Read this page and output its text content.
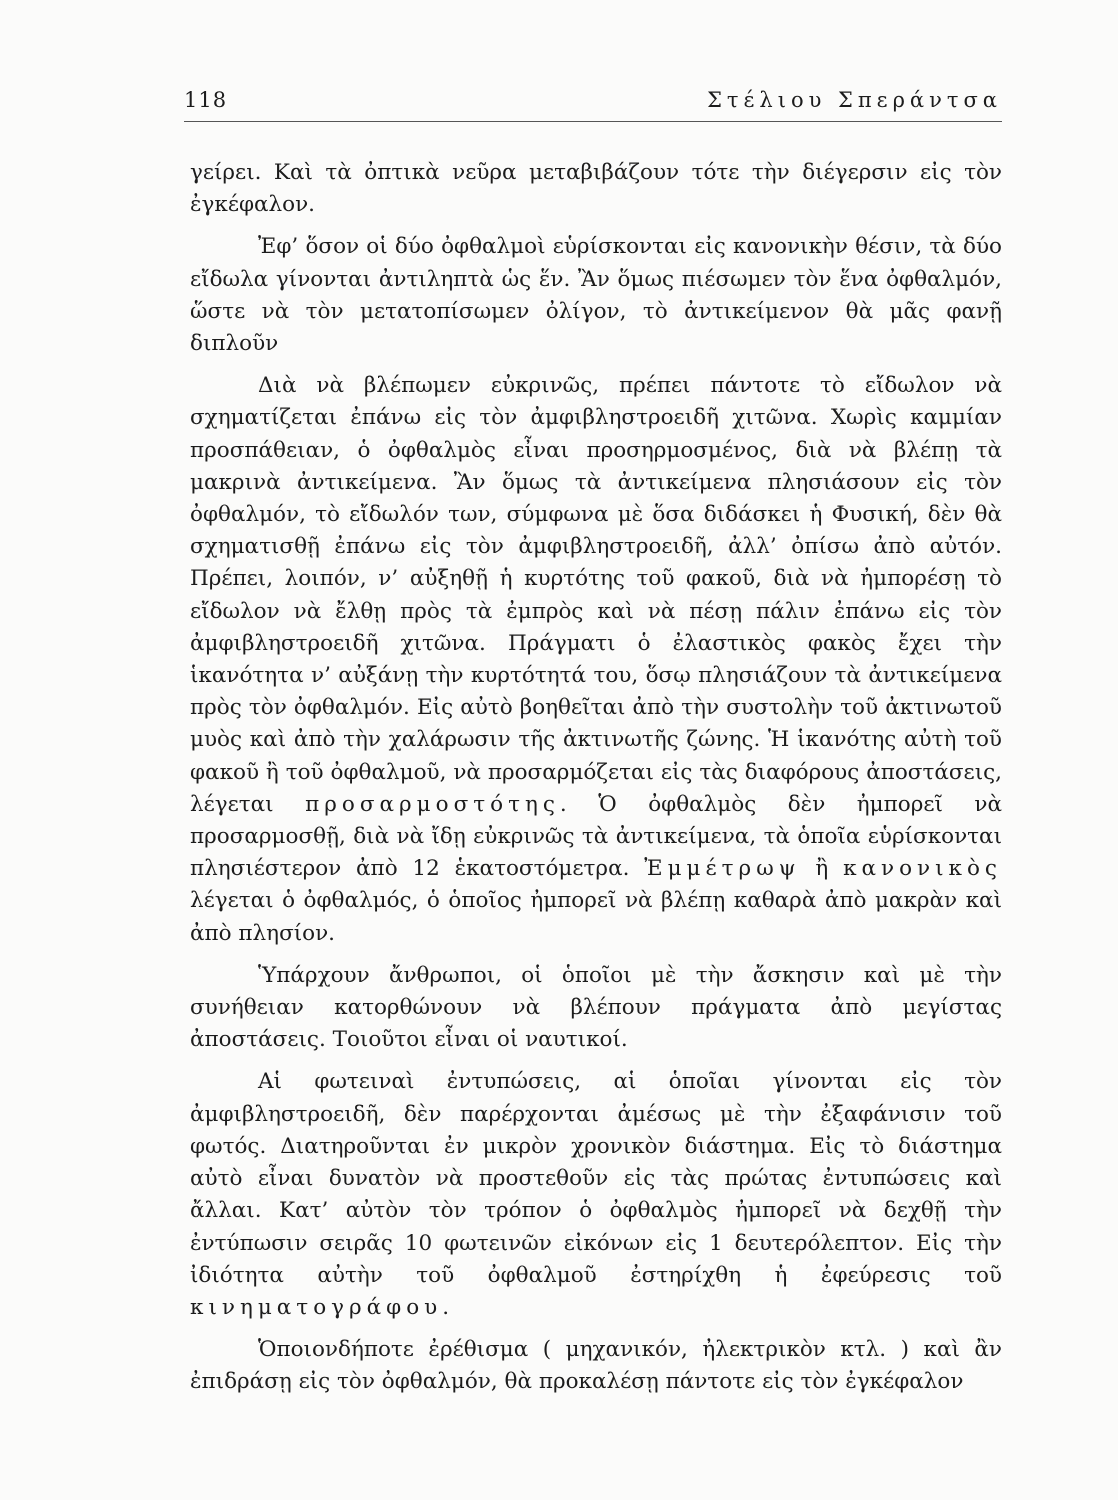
118	Στέλιου Σπεράντσα

γείρει. Καὶ τὰ ὀπτικὰ νεῦρα μεταβιβάζουν τότε τὴν διέγερσιν εἰς τὸν ἐγκέφαλον.

Ἐφ’ ὅσον οἱ δύο ὀφθαλμοὶ εὑρίσκονται εἰς κανονικὴν θέσιν, τὰ δύο εἴδωλα γίνονται ἀντιληπτὰ ὡς ἕν. Ἂν ὅμως πιέσωμεν τὸν ἕνα ὀφθαλμόν, ὥστε νὰ τὸν μετατοπίσωμεν ὀλίγον, τὸ ἀντικείμενον θὰ μᾶς φανῇ διπλοῦν

Διὰ νὰ βλέπωμεν εὐκρινῶς, πρέπει πάντοτε τὸ εἴδωλον νὰ σχηματίζεται ἐπάνω εἰς τὸν ἀμφιβληστροειδῆ χιτῶνα. Χωρὶς καμμίαν προσπάθειαν, ὁ ὀφθαλμὸς εἶναι προσηρμοσμένος, διὰ νὰ βλέπῃ τὰ μακρινὰ ἀντικείμενα. Ἂν ὅμως τὰ ἀντικείμενα πλησιάσουν εἰς τὸν ὀφθαλμόν, τὸ εἴδωλόν των, σύμφωνα μὲ ὅσα διδάσκει ἡ Φυσική, δὲν θὰ σχηματισθῇ ἐπάνω εἰς τὸν ἀμφιβληστροειδῆ, ἀλλ’ ὀπίσω ἀπὸ αὐτόν. Πρέπει, λοιπόν, ν’ αὐξηθῇ ἡ κυρτότης τοῦ φακοῦ, διὰ νὰ ἠμπορέσῃ τὸ εἴδωλον νὰ ἔλθῃ πρὸς τὰ ἐμπρὸς καὶ νὰ πέσῃ πάλιν ἐπάνω εἰς τὸν ἀμφιβληστροειδῆ χιτῶνα. Πράγματι ὁ ἐλαστικὸς φακὸς ἔχει τὴν ἱκανότητα ν’ αὐξάνῃ τὴν κυρτότητά του, ὅσῳ πλησιάζουν τὰ ἀντικείμενα πρὸς τὸν ὀφθαλμόν. Εἰς αὐτὸ βοηθεῖται ἀπὸ τὴν συστολὴν τοῦ ἀκτινωτοῦ μυὸς καὶ ἀπὸ τὴν χαλάρωσιν τῆς ἀκτινωτῆς ζώνης. Ἡ ἱκανότης αὐτὴ τοῦ φακοῦ ἢ τοῦ ὀφθαλμοῦ, νὰ προσαρμόζεται εἰς τὰς διαφόρους ἀποστάσεις, λέγεται προσαρμοστότης. Ὁ ὀφθαλμὸς δὲν ἠμπορεῖ νὰ προσαρμοσθῇ, διὰ νὰ ἴδῃ εὐκρινῶς τὰ ἀντικείμενα, τὰ ὁποῖα εὑρίσκονται πλησιέστερον ἀπὸ 12 ἑκατοστόμετρα. Ἐμμέτρωψ ἢ κανονικὸς λέγεται ὁ ὀφθαλμός, ὁ ὁποῖος ἠμπορεῖ νὰ βλέπῃ καθαρὰ ἀπὸ μακρὰν καὶ ἀπὸ πλησίον.

Ὑπάρχουν ἄνθρωποι, οἱ ὁποῖοι μὲ τὴν ἄσκησιν καὶ μὲ τὴν συνήθειαν κατορθώνουν νὰ βλέπουν πράγματα ἀπὸ μεγίστας ἀποστάσεις. Τοιοῦτοι εἶναι οἱ ναυτικοί.

Αἱ φωτειναὶ ἐντυπώσεις, αἱ ὁποῖαι γίνονται εἰς τὸν ἀμφιβληστροειδῆ, δὲν παρέρχονται ἀμέσως μὲ τὴν ἐξαφάνισιν τοῦ φωτός. Διατηροῦνται ἐν μικρὸν χρονικὸν διάστημα. Εἰς τὸ διάστημα αὐτὸ εἶναι δυνατὸν νὰ προστεθοῦν εἰς τὰς πρώτας ἐντυπώσεις καὶ ἄλλαι. Κατ’ αὐτὸν τὸν τρόπον ὁ ὀφθαλμὸς ἠμπορεῖ νὰ δεχθῇ τὴν ἐντύπωσιν σειρᾶς 10 φωτεινῶν εἰκόνων εἰς 1 δευτερόλεπτον. Εἰς τὴν ἰδιότητα αὐτὴν τοῦ ὀφθαλμοῦ ἐστηρίχθη ἡ ἐφεύρεσις τοῦ κινηματογράφου.

Ὁποιονδήποτε ἐρέθισμα ( μηχανικόν, ἠλεκτρικὸν κτλ. ) καὶ ἂν ἐπιδράσῃ εἰς τὸν ὀφθαλμόν, θὰ προκαλέσῃ πάντοτε εἰς τὸν ἐγκέφαλον
